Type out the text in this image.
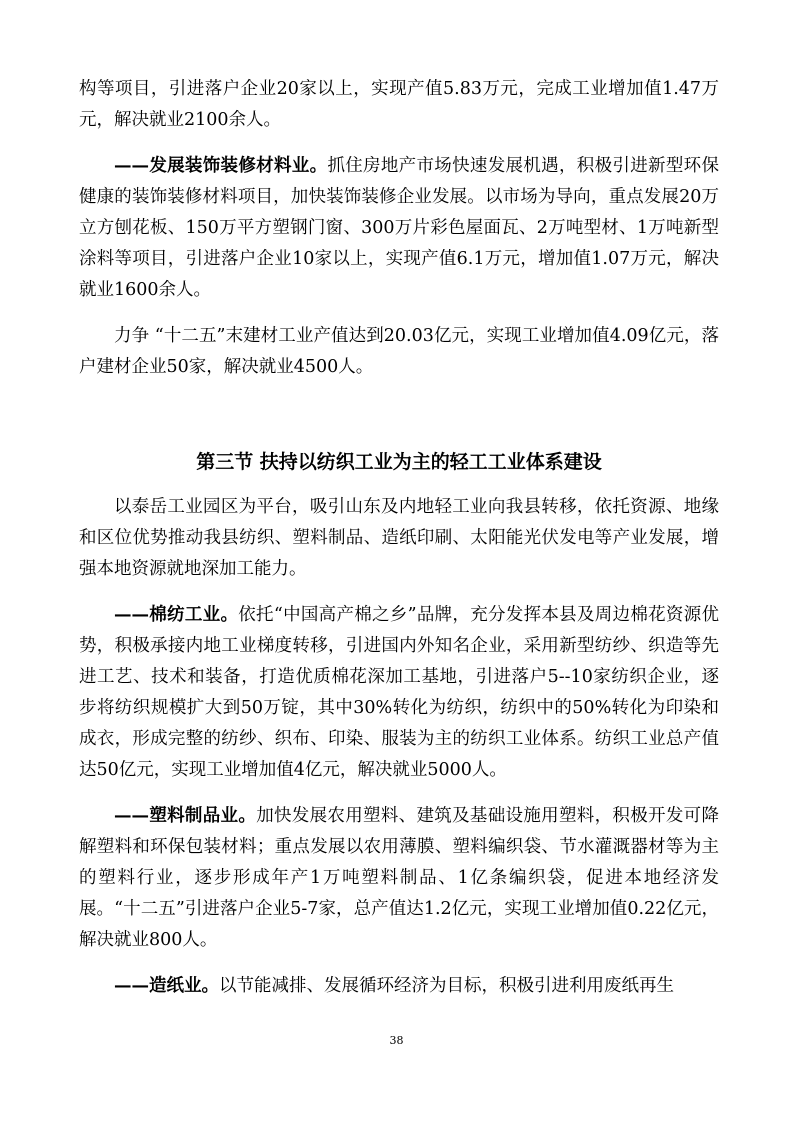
构等项目，引进落户企业20家以上，实现产值5.83万元，完成工业增加值1.47万元，解决就业2100余人。

——发展装饰装修材料业。抓住房地产市场快速发展机遇，积极引进新型环保健康的装饰装修材料项目，加快装饰装修企业发展。以市场为导向，重点发展20万立方刨花板、150万平方塑钢门窗、300万片彩色屋面瓦、2万吨型材、1万吨新型涂料等项目，引进落户企业10家以上，实现产值6.1万元，增加值1.07万元，解决就业1600余人。

力争 “十二五”末建材工业产值达到20.03亿元，实现工业增加值4.09亿元，落户建材企业50家，解决就业4500人。

第三节 扶持以纺织工业为主的轻工工业体系建设

以泰岳工业园区为平台，吸引山东及内地轻工业向我县转移，依托资源、地缘和区位优势推动我县纺织、塑料制品、造纸印刷、太阳能光伏发电等产业发展，增强本地资源就地深加工能力。

——棉纺工业。依托“中国高产棉之乡”品牌，充分发挥本县及周边棉花资源优势，积极承接内地工业梯度转移，引进国内外知名企业，采用新型纺纱、织造等先进工艺、技术和装备，打造优质棉花深加工基地，引进落户5--10家纺织企业，逐步将纺织规模扩大到50万锭，其中30%转化为纺织，纺织中的50%转化为印染和成衣，形成完整的纺纱、织布、印染、服装为主的纺织工业体系。纺织工业总产值达50亿元，实现工业增加值4亿元，解决就业5000人。

——塑料制品业。加快发展农用塑料、建筑及基础设施用塑料，积极开发可降解塑料和环保包装材料；重点发展以农用薄膜、塑料编织袋、节水灌溉器材等为主的塑料行业，逐步形成年产1万吨塑料制品、1亿条编织袋，促进本地经济发展。“十二五”引进落户企业5-7家，总产值达1.2亿元，实现工业增加值0.22亿元，解决就业800人。

——造纸业。以节能减排、发展循环经济为目标，积极引进利用废纸再生

38
